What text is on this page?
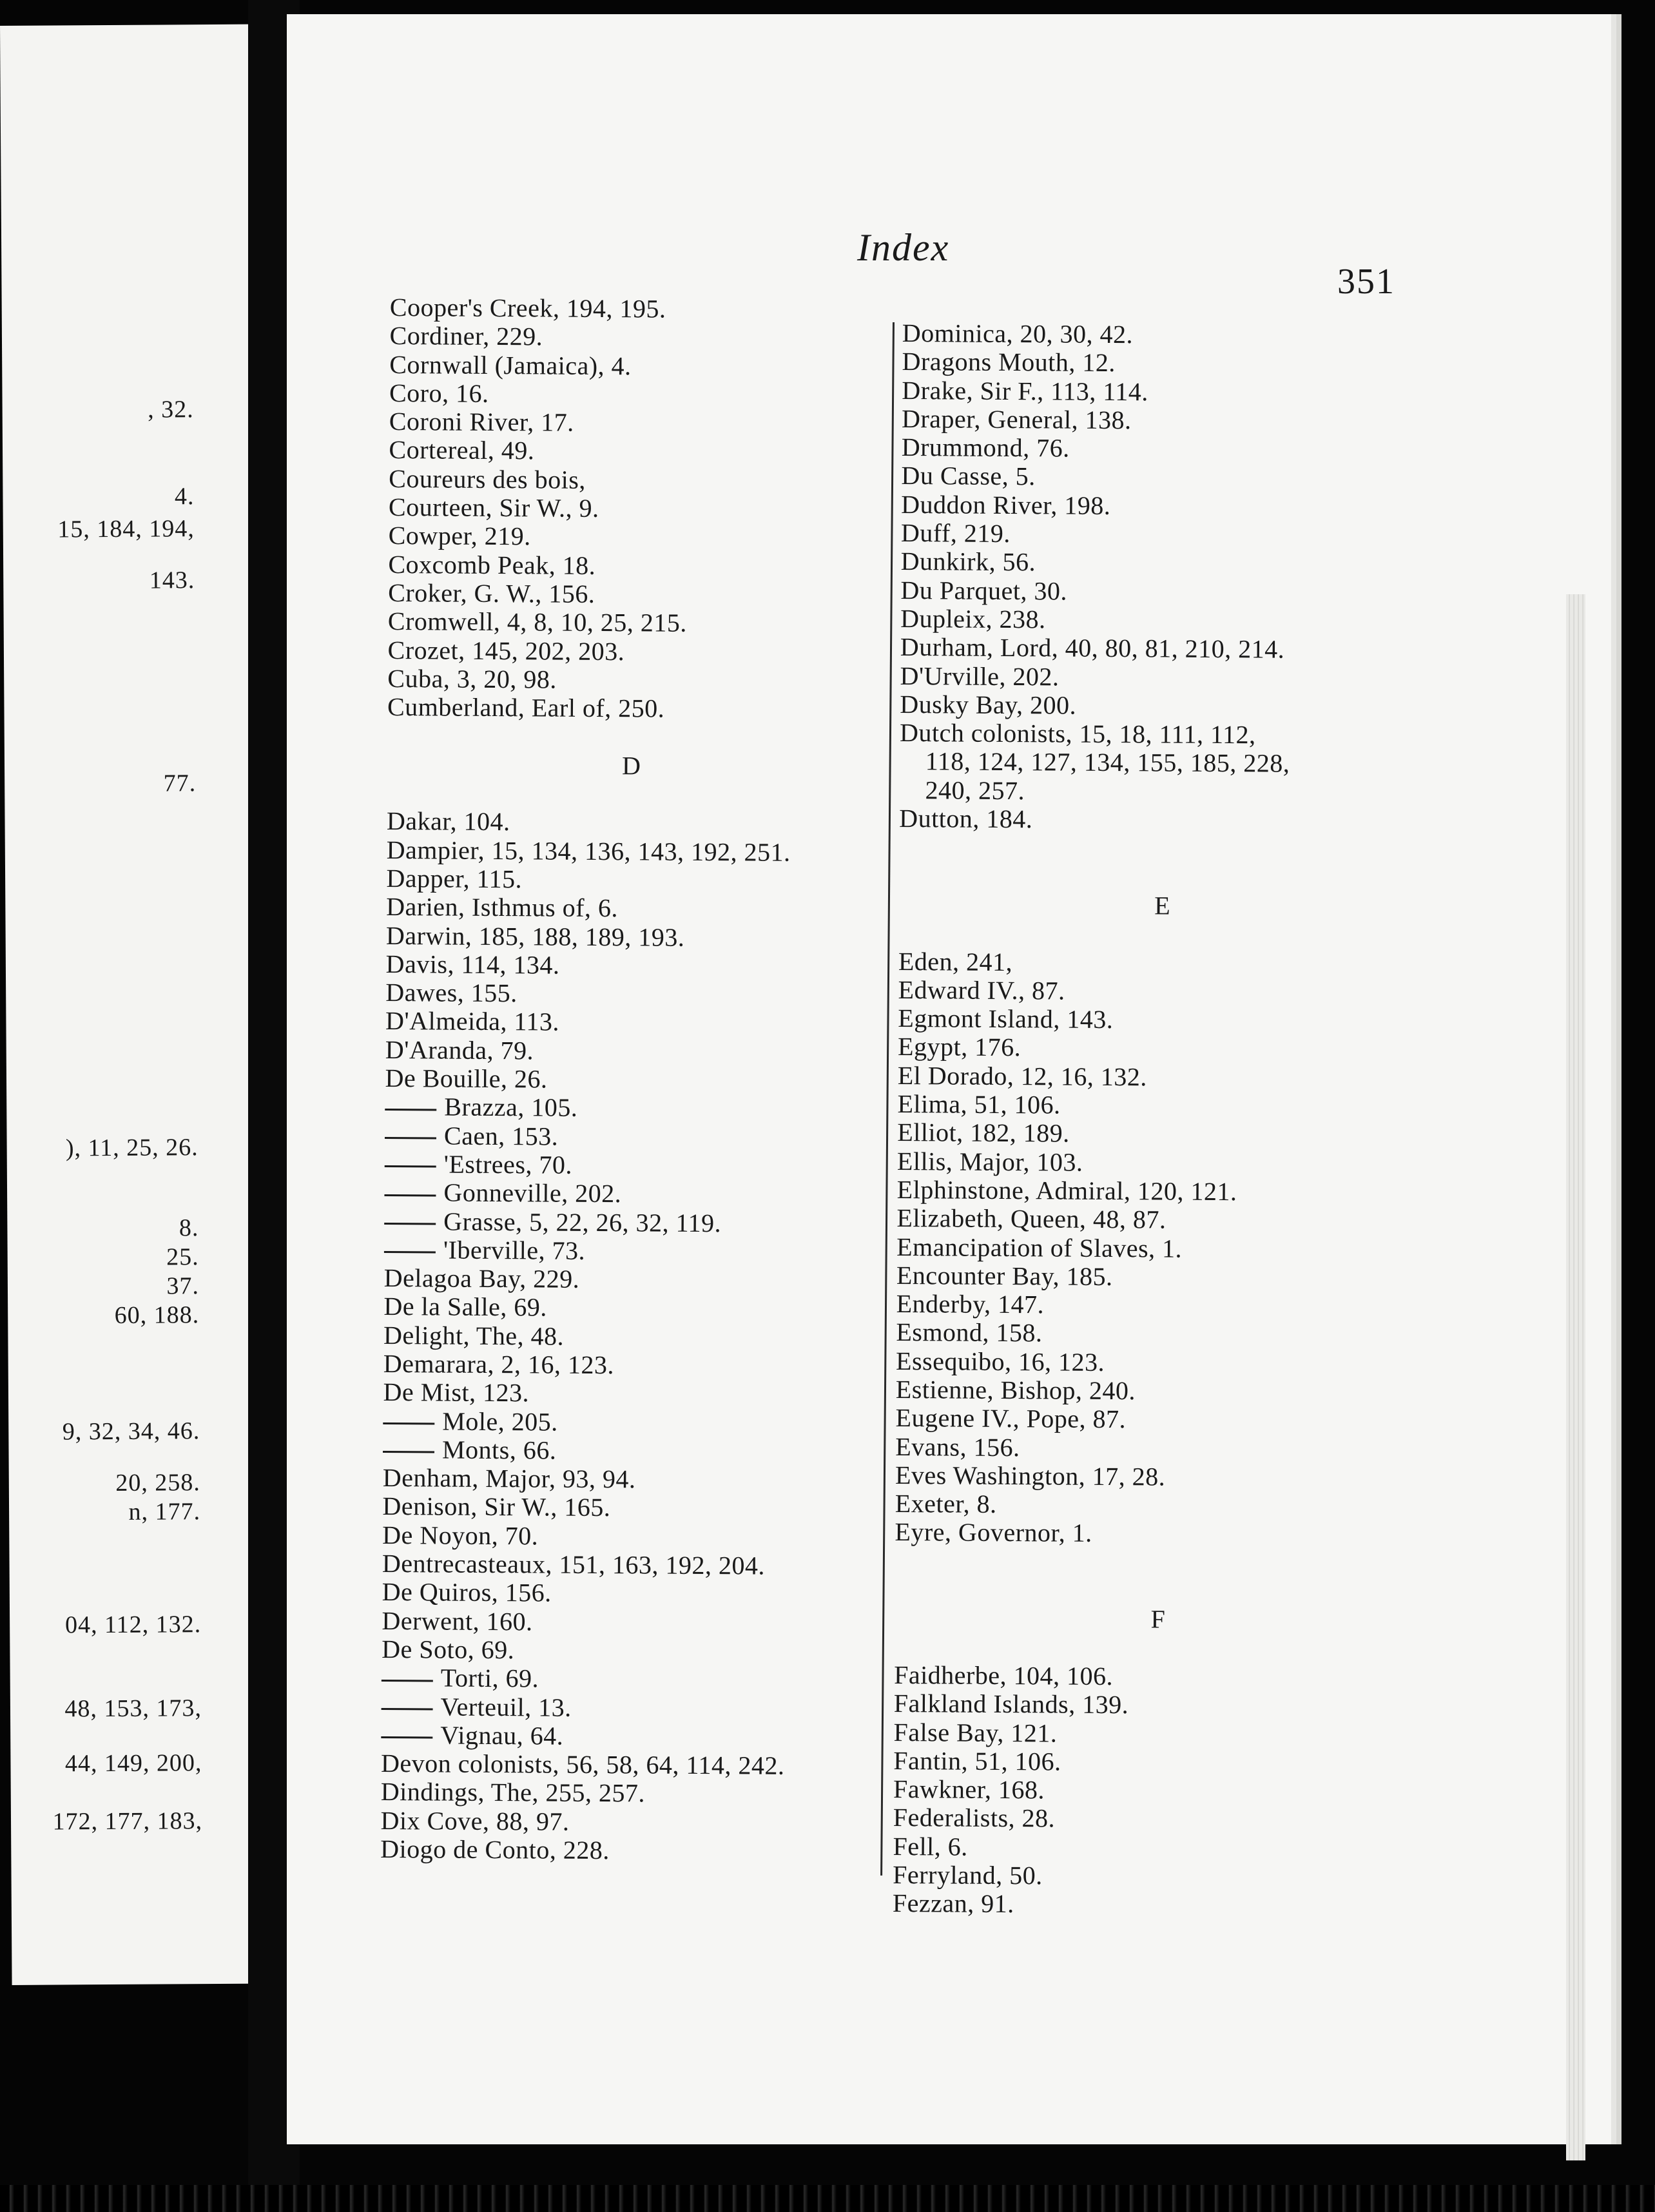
, 32.
4.
15, 184, 194,
143.
77.
), 11, 25, 26.
8.
25.
37.
60, 188.
9, 32, 34, 46.
20, 258.
n, 177.
04, 112, 132.
48, 153, 173,
44, 149, 200,
172, 177, 183,
Index
351
Cooper's Creek, 194, 195.
Cordiner, 229.
Cornwall (Jamaica), 4.
Coro, 16.
Coroni River, 17.
Cortereal, 49.
Coureurs des bois,
Courteen, Sir W., 9.
Cowper, 219.
Coxcomb Peak, 18.
Croker, G. W., 156.
Cromwell, 4, 8, 10, 25, 215.
Crozet, 145, 202, 203.
Cuba, 3, 20, 98.
Cumberland, Earl of, 250.
D
Dakar, 104.
Dampier, 15, 134, 136, 143, 192, 251.
Dapper, 115.
Darien, Isthmus of, 6.
Darwin, 185, 188, 189, 193.
Davis, 114, 134.
Dawes, 155.
D'Almeida, 113.
D'Aranda, 79.
De Bouille, 26.
Brazza, 105.
Caen, 153.
'Estrees, 70.
Gonneville, 202.
Grasse, 5, 22, 26, 32, 119.
'Iberville, 73.
Delagoa Bay, 229.
De la Salle, 69.
Delight, The, 48.
Demarara, 2, 16, 123.
De Mist, 123.
Mole, 205.
Monts, 66.
Denham, Major, 93, 94.
Denison, Sir W., 165.
De Noyon, 70.
Dentrecasteaux, 151, 163, 192, 204.
De Quiros, 156.
Derwent, 160.
De Soto, 69.
Torti, 69.
Verteuil, 13.
Vignau, 64.
Devon colonists, 56, 58, 64, 114, 242.
Dindings, The, 255, 257.
Dix Cove, 88, 97.
Diogo de Conto, 228.
Dominica, 20, 30, 42.
Dragons Mouth, 12.
Drake, Sir F., 113, 114.
Draper, General, 138.
Drummond, 76.
Du Casse, 5.
Duddon River, 198.
Duff, 219.
Dunkirk, 56.
Du Parquet, 30.
Dupleix, 238.
Durham, Lord, 40, 80, 81, 210, 214.
D'Urville, 202.
Dusky Bay, 200.
Dutch colonists, 15, 18, 111, 112,
118, 124, 127, 134, 155, 185, 228,
240, 257.
Dutton, 184.
E
Eden, 241,
Edward IV., 87.
Egmont Island, 143.
Egypt, 176.
El Dorado, 12, 16, 132.
Elima, 51, 106.
Elliot, 182, 189.
Ellis, Major, 103.
Elphinstone, Admiral, 120, 121.
Elizabeth, Queen, 48, 87.
Emancipation of Slaves, 1.
Encounter Bay, 185.
Enderby, 147.
Esmond, 158.
Essequibo, 16, 123.
Estienne, Bishop, 240.
Eugene IV., Pope, 87.
Evans, 156.
Eves Washington, 17, 28.
Exeter, 8.
Eyre, Governor, 1.
F
Faidherbe, 104, 106.
Falkland Islands, 139.
False Bay, 121.
Fantin, 51, 106.
Fawkner, 168.
Federalists, 28.
Fell, 6.
Ferryland, 50.
Fezzan, 91.
